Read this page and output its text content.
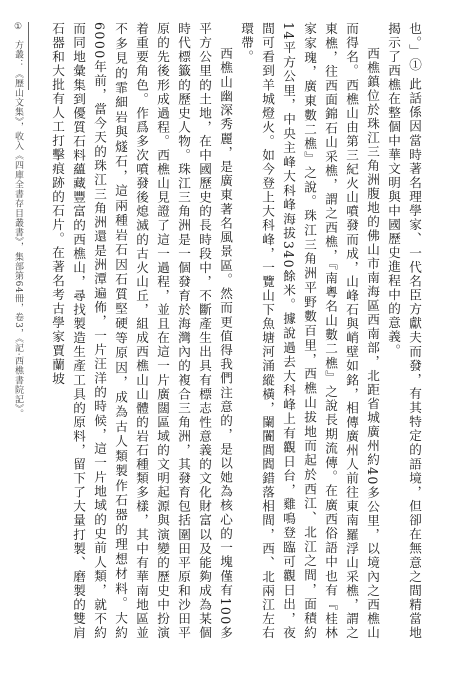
也。」① 此話係因當時著名理學家、一代名臣方獻夫而發，有其特定的語境，但卻在無意之間精當地揭示了西樵在整個中華文明與中國歷史進程中的意義。

西樵鎮位於珠江三角洲腹地的佛山市南海區西南部，北距省城廣州約40多公里，以境內之西樵山而得名。西樵山由第三紀火山噴發而成，山峰石與峭壁如銘，相傳廣州人前往東南羅浮山采樵，謂之東樵，往西面錦石山采樵，謂之西樵，『南粵名山數二樵』之說長期流傳。在廣西俗語中也有『桂林家家瑰，廣東數二樵』之說。珠江三角洲平野數百里，西樵山拔地而起於西江、北江之間，面積約14平方公里，中央主峰大科峰海拔340餘米。據說過去大科峰上有觀日台，雞鳴登臨可觀日出，夜間可看到羊城燈火。如今登上大科峰，一覽山下魚塘河涌縱橫，闌闠閭閻錯落相間，西、北兩江左右環帶。

西樵山幽深秀麗，是廣東著名風景區。然而更值得我們注意的，是以她為核心的一塊僅有100多平方公里的土地，在中國歷史的長時段中，不斷產生出具有標志性意義的文化財富以及能夠成為某個時代標籤的歷史人物。珠江三角洲是一個發育於海灣內的複合三角洲，其發育包括圍田平原和沙田平原的先後形成過程。西樵山見證了這一過程，並且在這一片廣闊區域的文明起源與演變的歷史中扮演着重要角色。作爲多次噴發後熄滅的古火山丘，組成西樵山山體的岩石種類多樣，其中有華南地區並不多見的霏細岩與燧石，這兩種岩石因石質堅硬等原因，成為古人類製作石器的理想材料。大約6000年前，當今天的珠江三角洲還是洲潭遍佈，一片汪洋的時候，這一片地域的史前人類，就不約而同地彙集到優質石料蘊藏豐富的西樵山，尋找製造生產工具的原料，留下了大量打製、磨製的雙肩石器和大批有人工打擊痕跡的石片。在著名考古學家賈蘭坡

① 方叢：《歷山文集》，收入《四庫全書存目叢書》，集部第64冊，卷3，《記·西樵書院記》。
